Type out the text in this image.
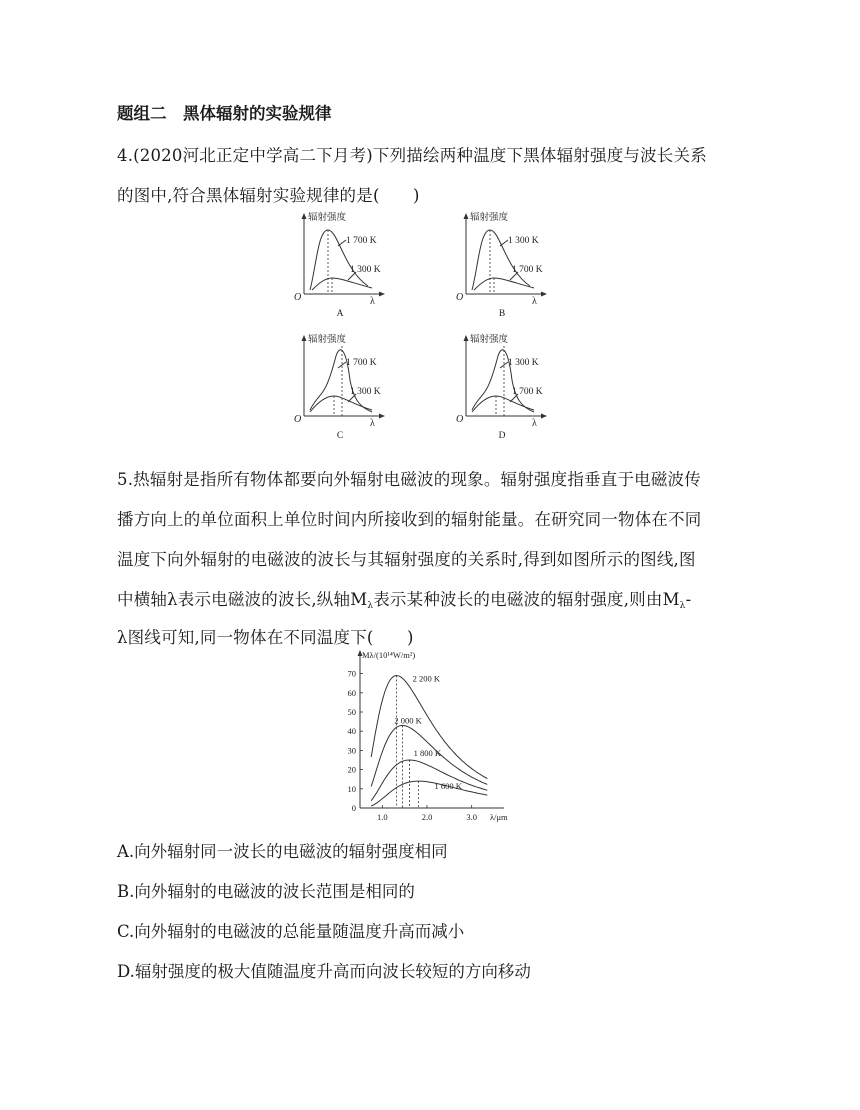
题组二　黑体辐射的实验规律
4.(2020河北正定中学高二下月考)下列描绘两种温度下黑体辐射强度与波长关系
的图中,符合黑体辐射实验规律的是(　　)
辐射强度
O	λ
1 700 K
1 300 K
A
辐射强度
O	λ
1 300 K
1 700 K
B
辐射强度
O	λ
1 700 K
1 300 K
C
辐射强度
O	λ
1 300 K
1 700 K
D
5.热辐射是指所有物体都要向外辐射电磁波的现象。辐射强度指垂直于电磁波传
播方向上的单位面积上单位时间内所接收到的辐射能量。在研究同一物体在不同
温度下向外辐射的电磁波的波长与其辐射强度的关系时,得到如图所示的图线,图
中横轴λ表示电磁波的波长,纵轴$M_\lambda$表示某种波长的电磁波的辐射强度,则由$M_\lambda-$
λ图线可知,同一物体在不同温度下(　　)
Mλ/(10¹⁴W/m²)
λ/μm
0
10
20
30
40
50
60
70
1.0	2.0	3.0
2 200 K
2 000 K
1 800 K
1 600 K
A.向外辐射同一波长的电磁波的辐射强度相同
B.向外辐射的电磁波的波长范围是相同的
C.向外辐射的电磁波的总能量随温度升高而减小
D.辐射强度的极大值随温度升高而向波长较短的方向移动
